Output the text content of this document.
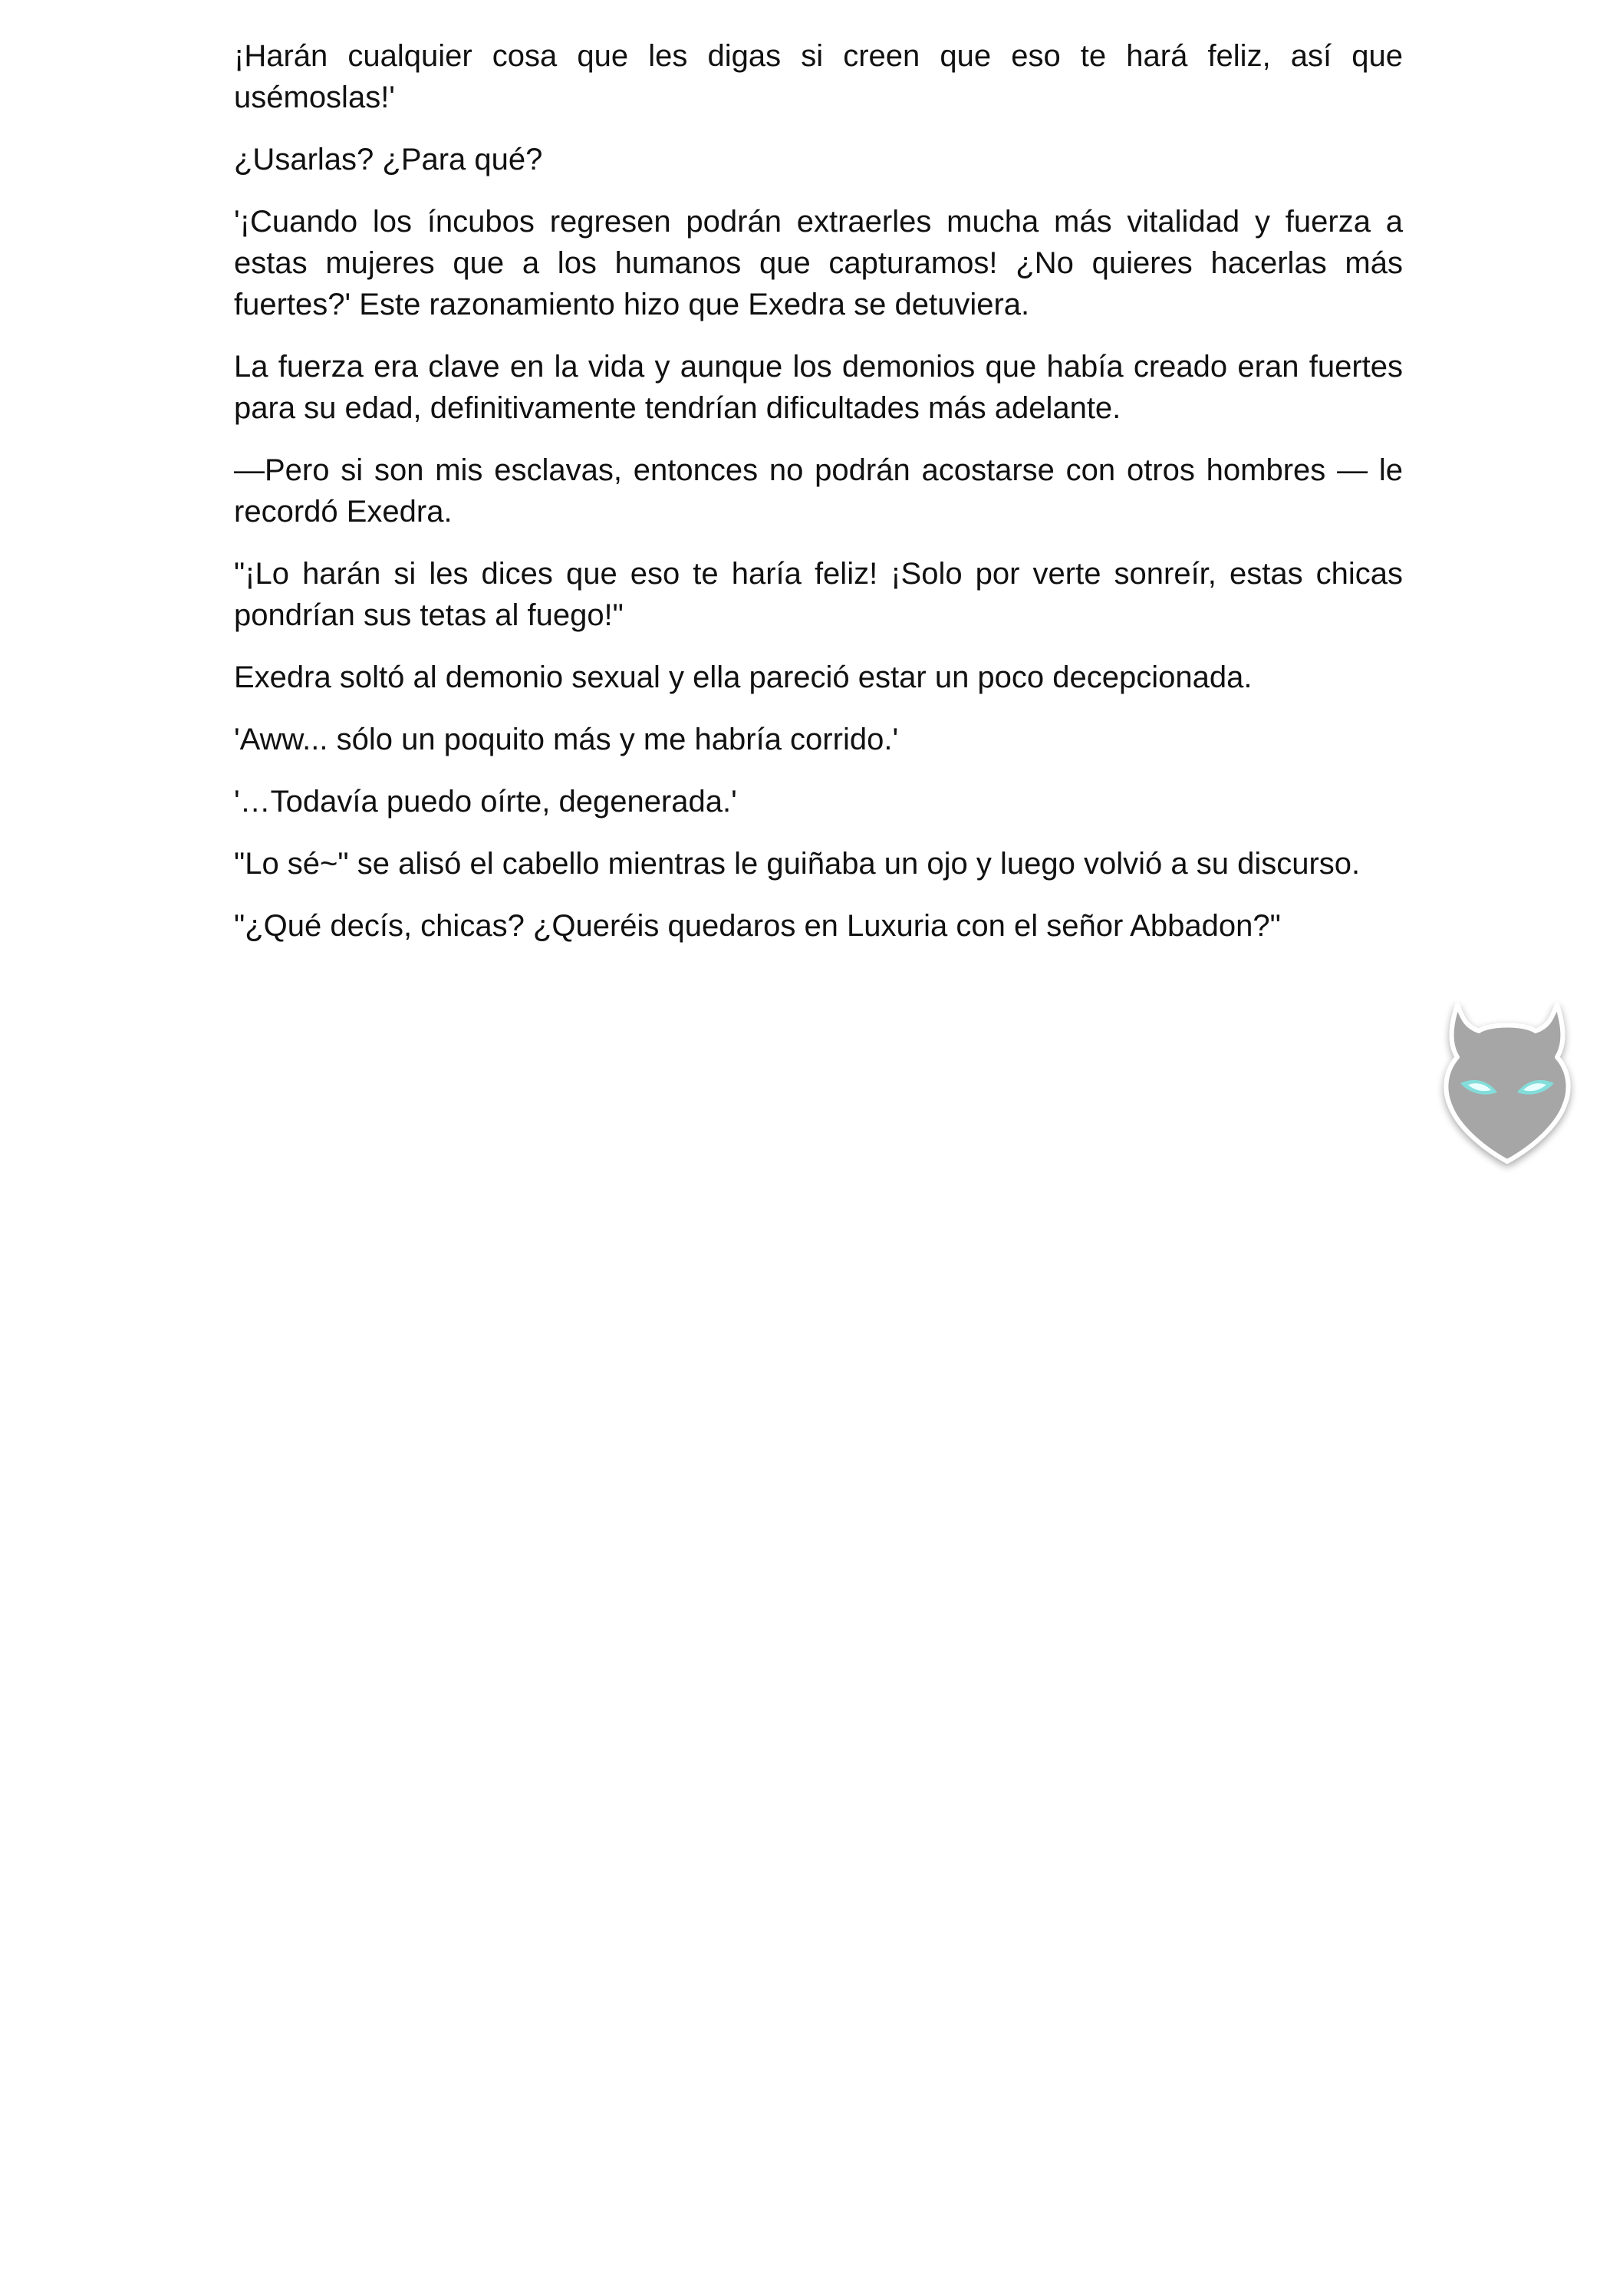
¡Harán cualquier cosa que les digas si creen que eso te hará feliz, así que usémoslas!'

¿Usarlas? ¿Para qué?

'¡Cuando los íncubos regresen podrán extraerles mucha más vitalidad y fuerza a estas mujeres que a los humanos que capturamos! ¿No quieres hacerlas más fuertes?' Este razonamiento hizo que Exedra se detuviera.

La fuerza era clave en la vida y aunque los demonios que había creado eran fuertes para su edad, definitivamente tendrían dificultades más adelante.

—Pero si son mis esclavas, entonces no podrán acostarse con otros hombres — le recordó Exedra.

"¡Lo harán si les dices que eso te haría feliz! ¡Solo por verte sonreír, estas chicas pondrían sus tetas al fuego!"

Exedra soltó al demonio sexual y ella pareció estar un poco decepcionada.

'Aww... sólo un poquito más y me habría corrido.'

'…Todavía puedo oírte, degenerada.'

"Lo sé~" se alisó el cabello mientras le guiñaba un ojo y luego volvió a su discurso.

"¿Qué decís, chicas? ¿Queréis quedaros en Luxuria con el señor Abbadon?"
